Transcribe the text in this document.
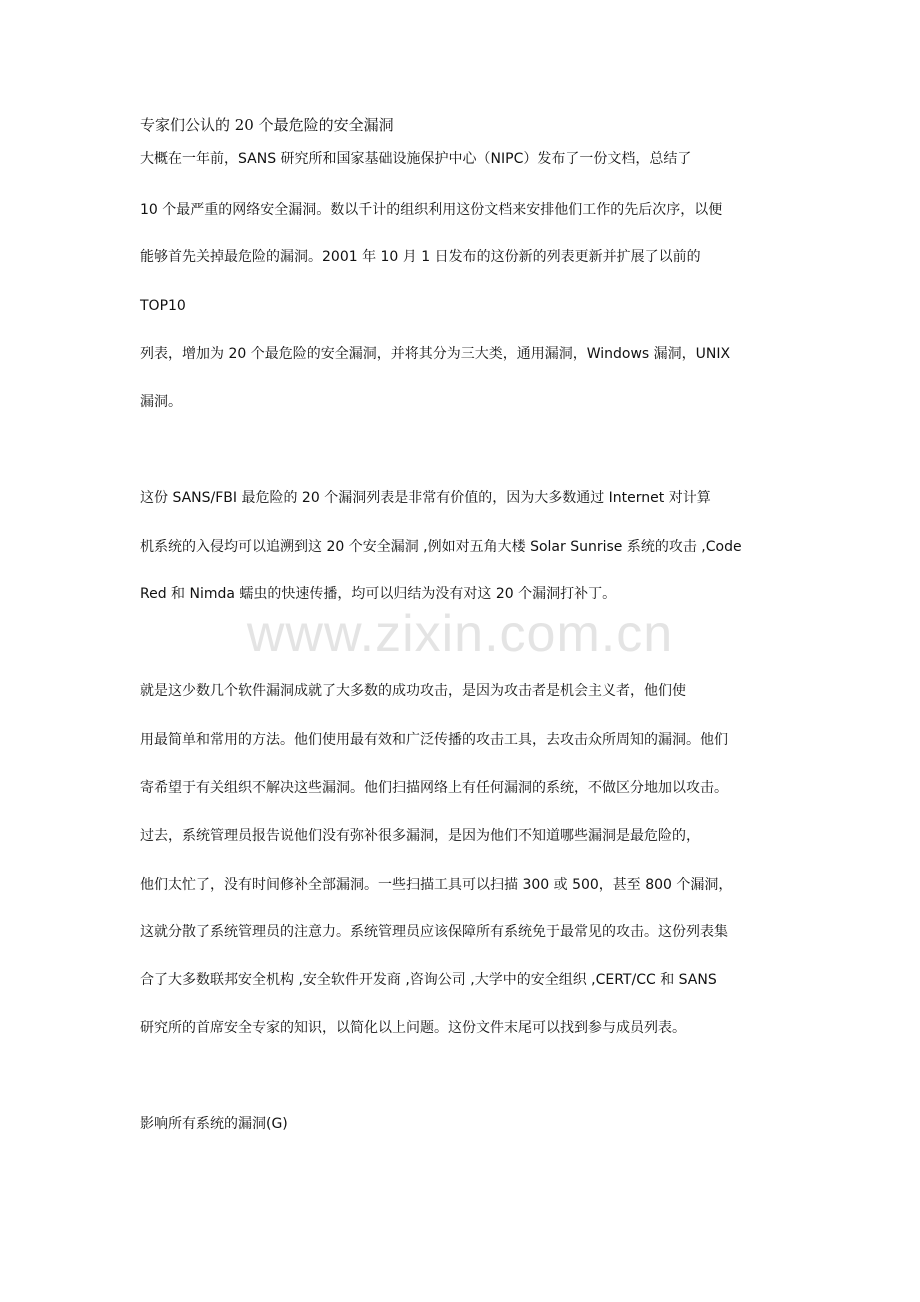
专家们公认的 20 个最危险的安全漏洞
大概在一年前，SANS 研究所和国家基础设施保护中心（NIPC）发布了一份文档，总结了
10 个最严重的网络安全漏洞。数以千计的组织利用这份文档来安排他们工作的先后次序，以便
能够首先关掉最危险的漏洞。2001 年 10 月 1 日发布的这份新的列表更新并扩展了以前的
TOP10
列表，增加为 20 个最危险的安全漏洞，并将其分为三大类，通用漏洞，Windows 漏洞，UNIX
漏洞。
这份 SANS/FBI 最危险的 20 个漏洞列表是非常有价值的，因为大多数通过 Internet 对计算
机系统的入侵均可以追溯到这 20 个安全漏洞 ,例如对五角大楼 Solar Sunrise 系统的攻击 ,Code
Red 和 Nimda 蠕虫的快速传播，均可以归结为没有对这 20 个漏洞打补丁。
www.zixin.com.cn
就是这少数几个软件漏洞成就了大多数的成功攻击，是因为攻击者是机会主义者，他们使
用最简单和常用的方法。他们使用最有效和广泛传播的攻击工具，去攻击众所周知的漏洞。他们
寄希望于有关组织不解决这些漏洞。他们扫描网络上有任何漏洞的系统，不做区分地加以攻击。
过去，系统管理员报告说他们没有弥补很多漏洞，是因为他们不知道哪些漏洞是最危险的，
他们太忙了，没有时间修补全部漏洞。一些扫描工具可以扫描 300 或 500，甚至 800 个漏洞，
这就分散了系统管理员的注意力。系统管理员应该保障所有系统免于最常见的攻击。这份列表集
合了大多数联邦安全机构 ,安全软件开发商 ,咨询公司 ,大学中的安全组织 ,CERT/CC 和 SANS
研究所的首席安全专家的知识，以简化以上问题。这份文件末尾可以找到参与成员列表。
影响所有系统的漏洞(G)
